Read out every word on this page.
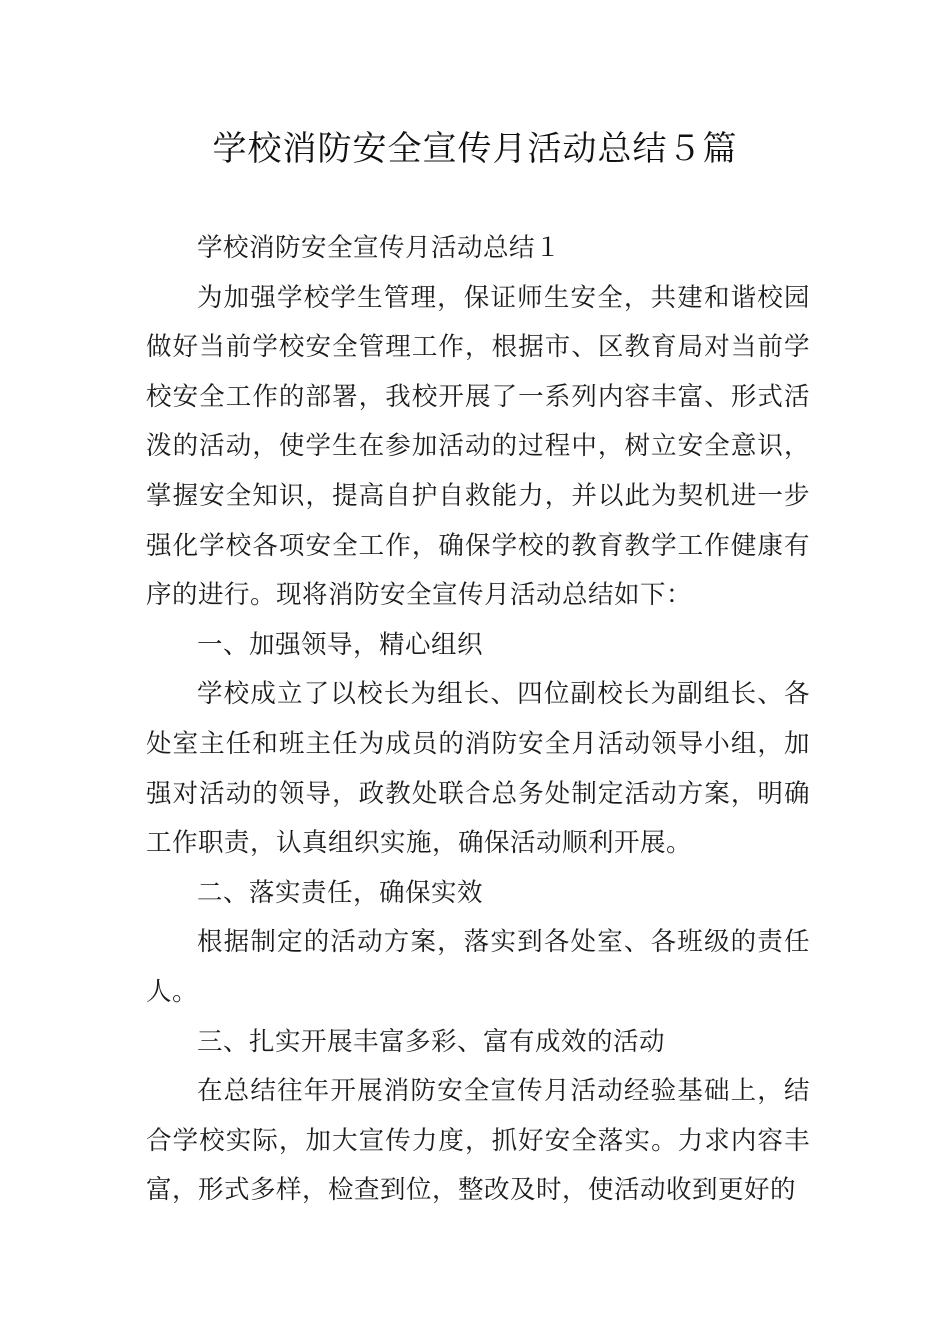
学校消防安全宣传月活动总结５篇

学校消防安全宣传月活动总结１

为加强学校学生管理，保证师生安全，共建和谐校园做好当前学校安全管理工作，根据市、区教育局对当前学校安全工作的部署，我校开展了一系列内容丰富、形式活泼的活动，使学生在参加活动的过程中，树立安全意识，掌握安全知识，提高自护自救能力，并以此为契机进一步强化学校各项安全工作，确保学校的教育教学工作健康有序的进行。现将消防安全宣传月活动总结如下：

一、加强领导，精心组织

学校成立了以校长为组长、四位副校长为副组长、各处室主任和班主任为成员的消防安全月活动领导小组，加强对活动的领导，政教处联合总务处制定活动方案，明确工作职责，认真组织实施，确保活动顺利开展。

二、落实责任，确保实效

根据制定的活动方案，落实到各处室、各班级的责任人。

三、扎实开展丰富多彩、富有成效的活动

在总结往年开展消防安全宣传月活动经验基础上，结合学校实际，加大宣传力度，抓好安全落实。力求内容丰富，形式多样，检查到位，整改及时，使活动收到更好的
